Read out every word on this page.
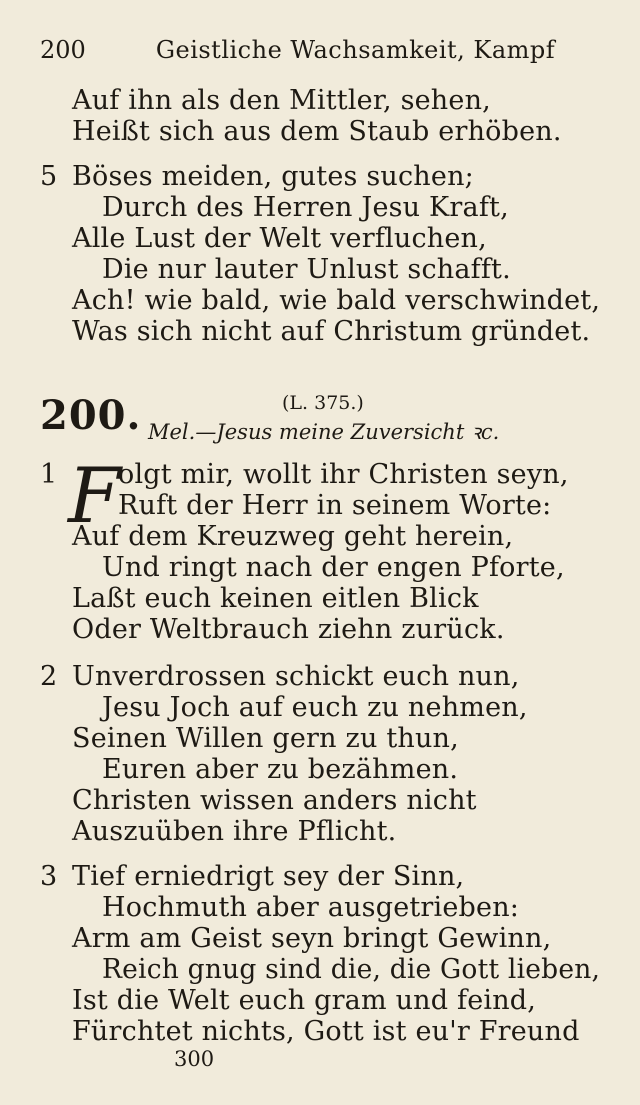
200	Geistliche Wachsamkeit, Kampf
Auf ihn als den Mittler, sehen,
Heißt sich aus dem Staub erhöben.
5 Böses meiden, gutes suchen;
Durch des Herren Jesu Kraft,
Alle Lust der Welt verfluchen,
Die nur lauter Unlust schafft.
Ach! wie bald, wie bald verschwindet,
Was sich nicht auf Christum gründet.
200.	(L. 375.)
Mel.—Jesus meine Zuversicht ꝛc.
1 F
olgt mir, wollt ihr Christen seyn,
Ruft der Herr in seinem Worte:
Auf dem Kreuzweg geht herein,
Und ringt nach der engen Pforte,
Laßt euch keinen eitlen Blick
Oder Weltbrauch ziehn zurück.
2 Unverdrossen schickt euch nun,
Jesu Joch auf euch zu nehmen,
Seinen Willen gern zu thun,
Euren aber zu bezähmen.
Christen wissen anders nicht
Auszuüben ihre Pflicht.
3 Tief erniedrigt sey der Sinn,
Hochmuth aber ausgetrieben:
Arm am Geist seyn bringt Gewinn,
Reich gnug sind die, die Gott lieben,
Ist die Welt euch gram und feind,
Fürchtet nichts, Gott ist eu'r Freund
300
